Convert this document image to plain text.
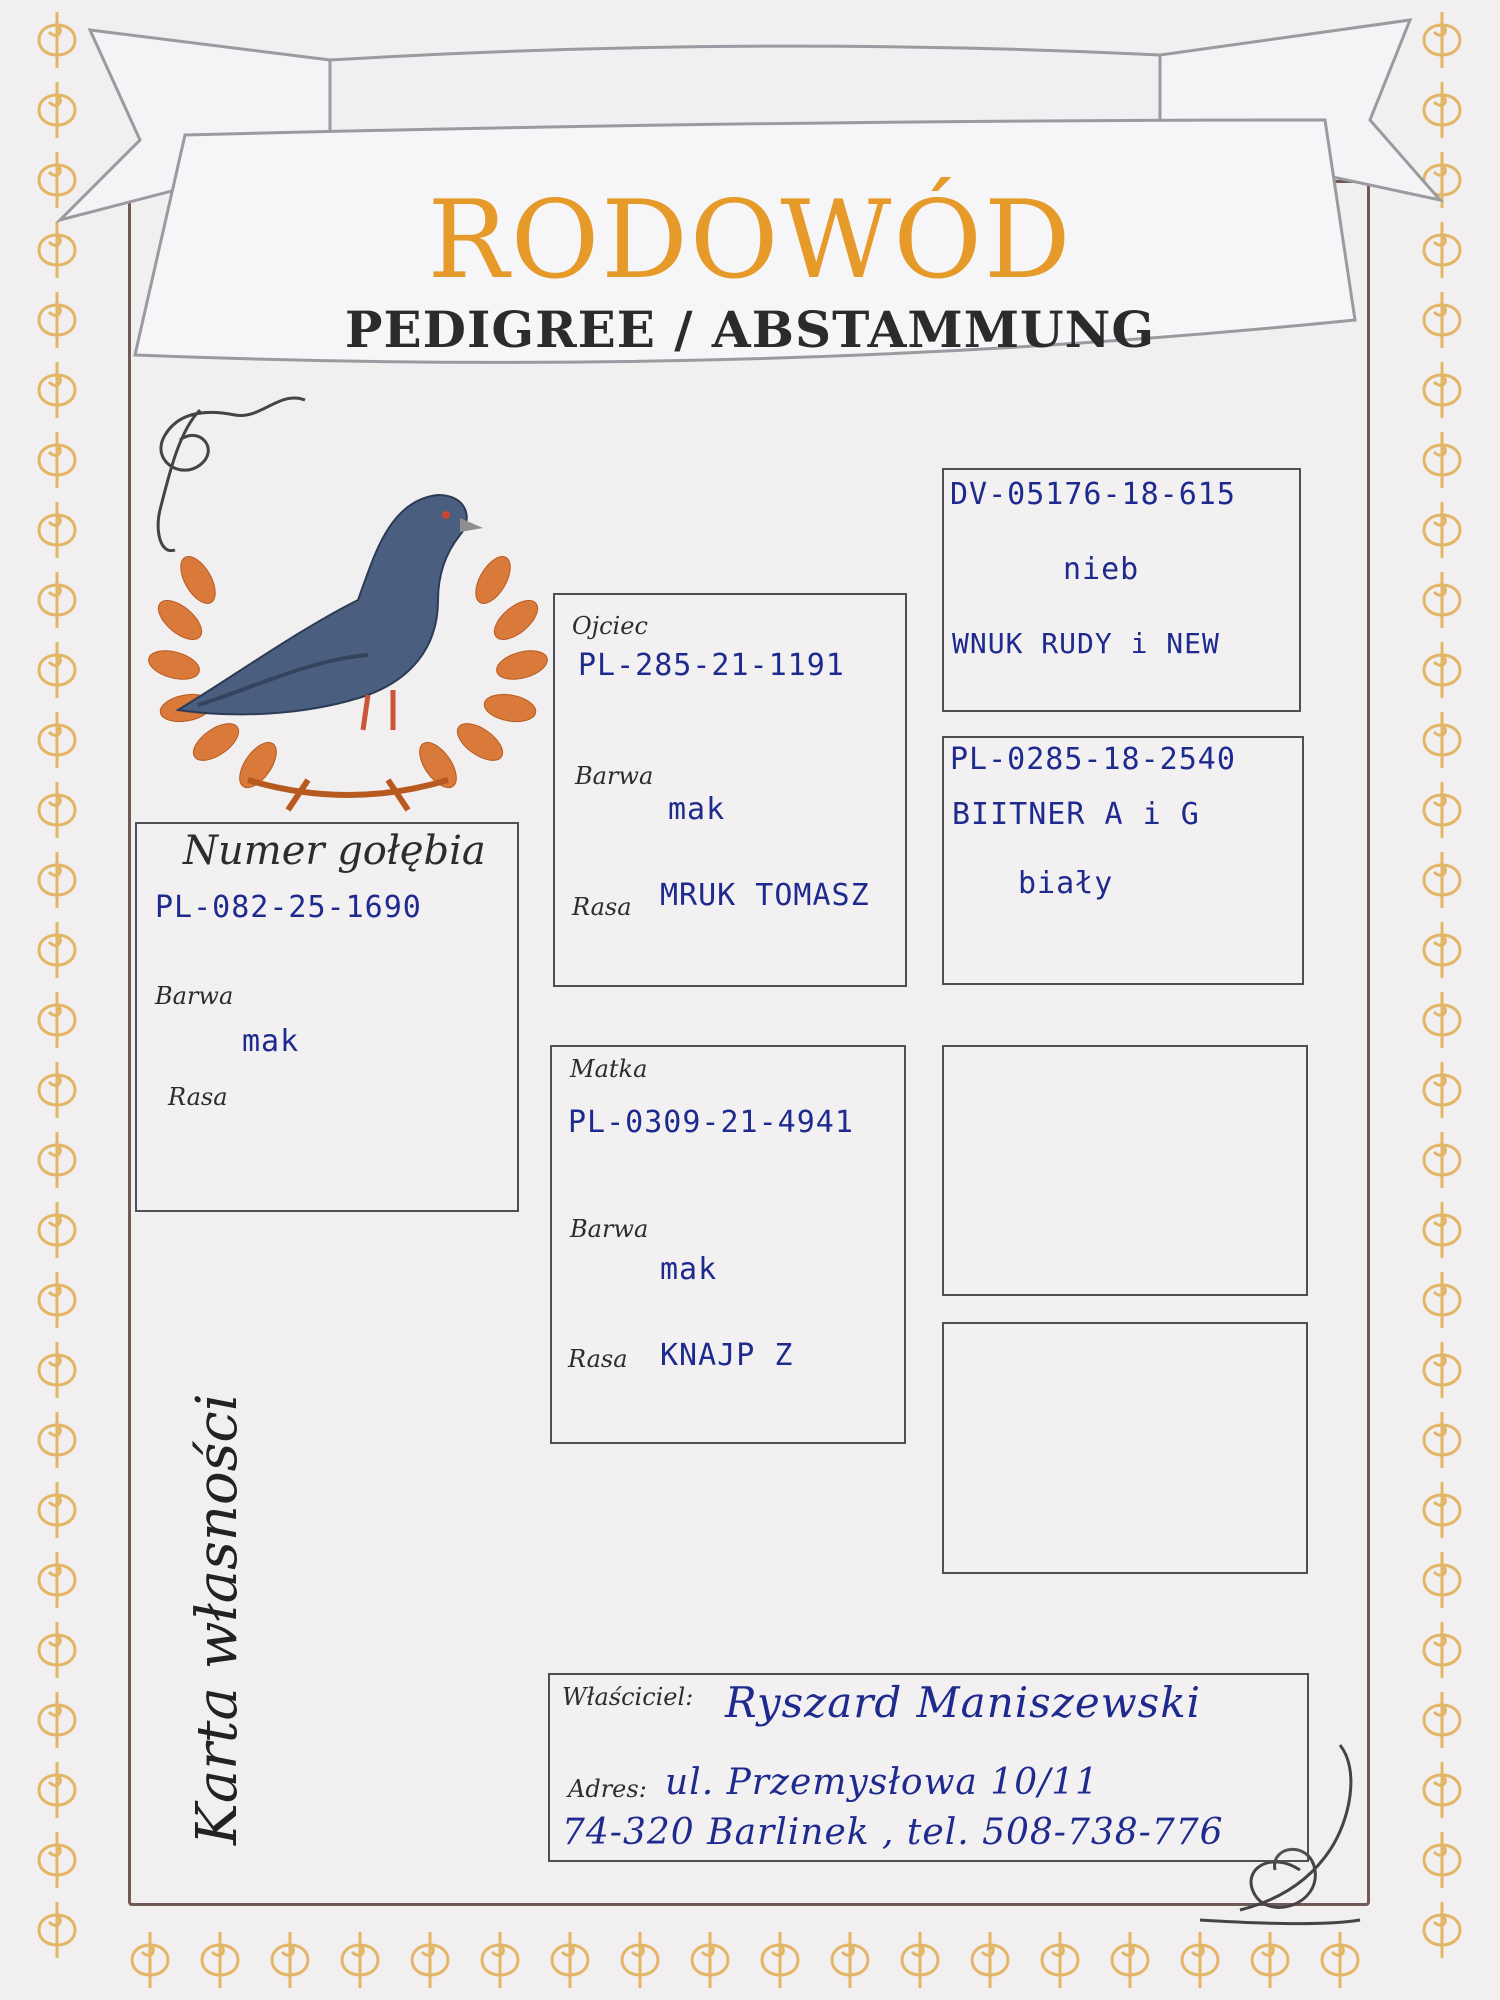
RODOWÓD
PEDIGREE / ABSTAMMUNG
Numer gołębia
PL-082-25-1690
Barwa
mak
Rasa
Ojciec
PL-285-21-1191
Barwa
mak
Rasa MRUK TOMASZ
Matka
PL-0309-21-4941
Barwa
mak
Rasa KNAJP Z
DV-05176-18-615
nieb
WNUK RUDY i NEW
PL-0285-18-2540
BIITNER A i G
biały
Karta własności	Właściciel: Ryszard Maniszewski
Adres: ul. Przemysłowa 10/11
74-320 Barlinek , tel. 508-738-776
